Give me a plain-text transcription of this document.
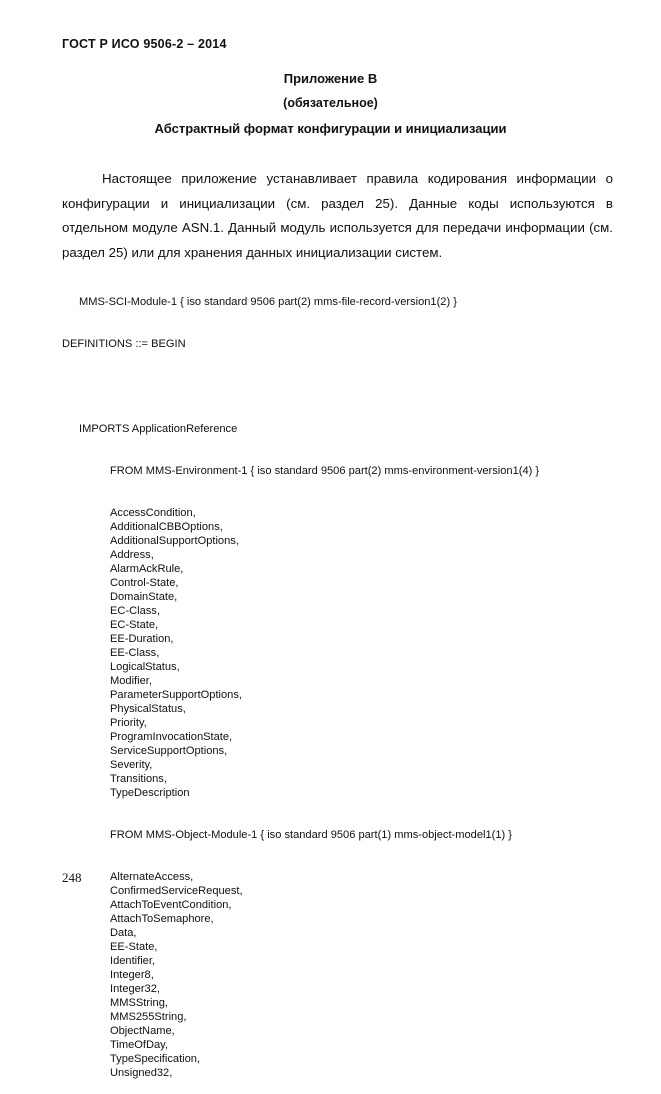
ГОСТ Р ИСО 9506-2 – 2014
Приложение В
(обязательное)
Абстрактный формат конфигурации и инициализации
Настоящее приложение устанавливает правила кодирования информации о конфигурации и инициализации (см. раздел 25). Данные коды используются в отдельном модуле ASN.1. Данный модуль используется для передачи информации (см. раздел 25) или для хранения данных инициализации систем.

MMS-SCI-Module-1 { iso standard 9506 part(2) mms-file-record-version1(2) }

DEFINITIONS ::= BEGIN

IMPORTS ApplicationReference

FROM MMS-Environment-1 { iso standard 9506 part(2) mms-environment-version1(4) }

AccessCondition,
AdditionalCBBOptions,
AdditionalSupportOptions,
Address,
AlarmAckRule,
Control-State,
DomainState,
EC-Class,
EC-State,
EE-Duration,
EE-Class,
LogicalStatus,
Modifier,
ParameterSupportOptions,
PhysicalStatus,
Priority,
ProgramInvocationState,
ServiceSupportOptions,
Severity,
Transitions,
TypeDescription

FROM MMS-Object-Module-1 { iso standard 9506 part(1) mms-object-model1(1) }

AlternateAccess,
ConfirmedServiceRequest,
AttachToEventCondition,
AttachToSemaphore,
Data,
EE-State,
Identifier,
Integer8,
Integer32,
MMSString,
MMS255String,
ObjectName,
TimeOfDay,
TypeSpecification,
Unsigned32,

248
